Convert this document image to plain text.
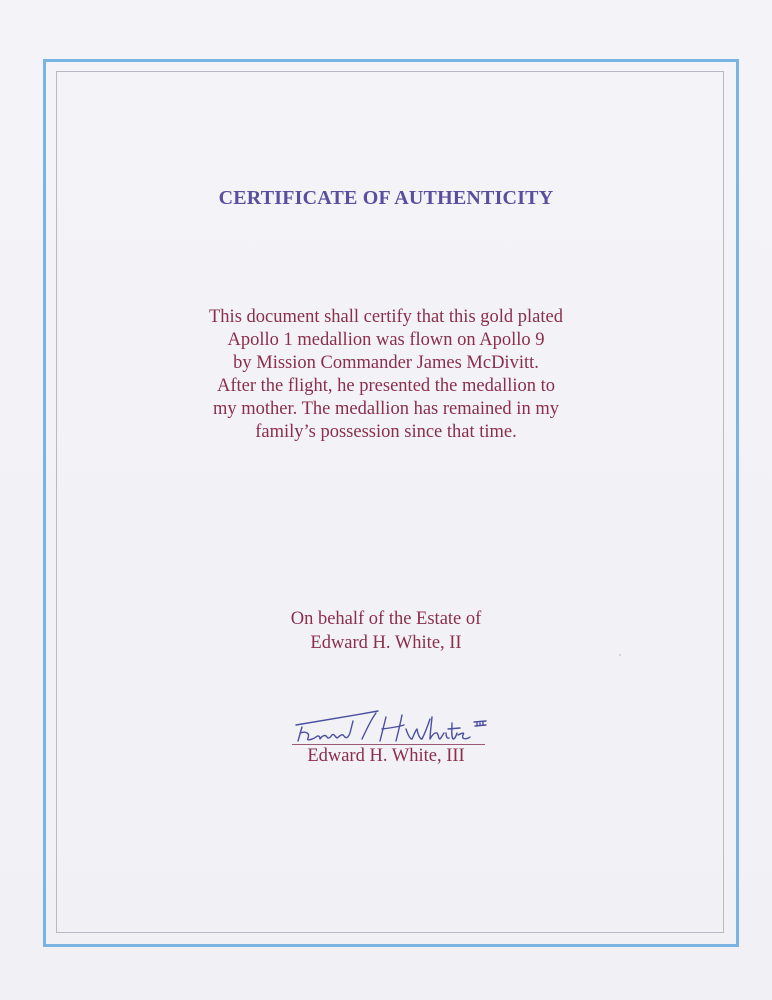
CERTIFICATE OF AUTHENTICITY
This document shall certify that this gold plated
Apollo 1 medallion was flown on Apollo 9
by Mission Commander James McDivitt.
After the flight, he presented the medallion to
my mother. The medallion has remained in my
family’s possession since that time.
On behalf of the Estate of
Edward H. White, II
Edward H. White, III
